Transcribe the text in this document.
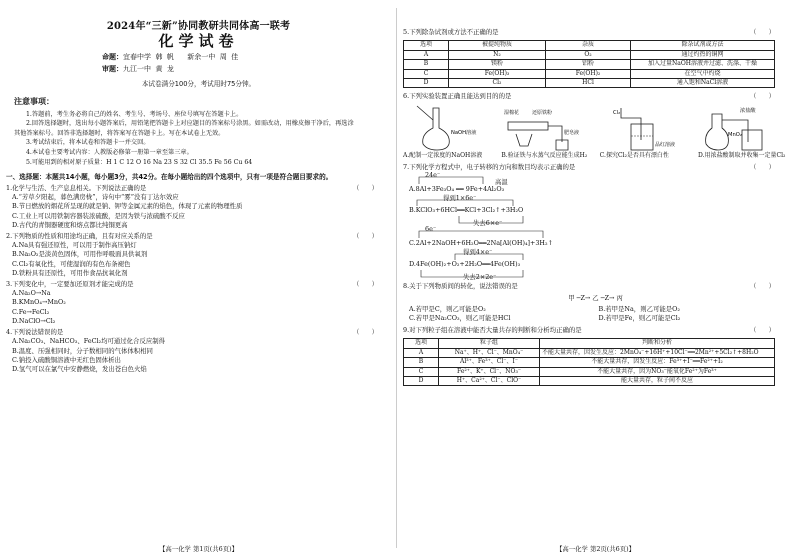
2024年“三新”协同教研共同体高一联考
化学试卷
命题：宜春中学  韩  帆      新余一中  周  佳
审题：九江一中  黄  龙
本试卷满分100分，考试用时75分钟。
注意事项：

1.答题前，考生务必将自己的姓名、考生号、考场号、座位号填写在答题卡上。

2.回答选择题时，选出每小题答案后，用铅笔把答题卡上对应题目的答案标号涂黑。如需改动，用橡皮擦干净后，再选涂其他答案标号。回答非选择题时，将答案写在答题卡上。写在本试卷上无效。

3.考试结束后，将本试卷和答题卡一并交回。

4.本试卷主要考试内容：人教版必修第一册第一章至第三章。

5.可能用到的相对原子质量：H 1 C 12 O 16 Na 23 S 32 Cl 35.5 Fe 56 Cu 64

一、选择题：本题共14小题，每小题3分，共42分。在每小题给出的四个选项中，只有一项是符合题目要求的。
1.化学与生活、生产息息相关。下列说法正确的是	（      ）
A.“芳草夕阳起，暮色满房栊”，诗句中“雾”没有丁达尔效应
B.节日燃放的烟花所呈现的就是钠、钾等金属元素的焰色，体现了元素的物理性质
C.工业上可以用铁制容器装浓硫酸，是因为铁与浓硫酸不反应
D.古代的青铜器硬度和熔点都比纯铜更高
2.下列物质的性质和用途均正确，且有对应关系的是	（      ）
A.Na具有强还原性，可以用于制作高压钠灯
B.Na₂O₂是淡黄色固体，可用作呼吸面具供氧剂
C.Cl₂有氧化性，可使湿润的有色布条褪色
D.铁粉具有还原性，可用作食品抗氧化剂
3.下列变化中，一定要加还原剂才能完成的是	（      ）
A.Na₂O→Na
B.KMnO₄→MnO₂
C.Fe→FeCl₂
D.NaClO→Cl₂
4.下列说法错误的是	（      ）
A.Na₂CO₃、NaHCO₃、FeCl₂均可通过化合反应制得
B.温度、压强相同时，分子数相同的气体体积相同
C.钠投入硫酸铜溶液中无红色固体析出
D.氢气可以在氯气中安静燃烧，发出苍白色火焰
【高一化学 第1页(共6页)】
5.下列除杂试剂或方法不正确的是	（      ）
选项	被提纯物质	杂质	除杂试剂或方法
A	N₂	O₂	通过灼热的铜网
B	镁粉	铝粉	加入过量NaOH溶液并过滤、洗涤、干燥
C	Fe(OH)₃	Fe(OH)₂	在空气中灼烧
D	Cl₂	HCl	通入饱和NaCl溶液
6.下列实验装置正确且能达到目的的是	（      ）
NaOH溶液
湿棉花	还原铁粉
肥皂液
Cl₂
品红溶液
浓盐酸
MnO₂
A.配制一定浓度的NaOH溶液	B.验证铁与水蒸气反应能生成H₂	C.探究Cl₂是否具有漂白性	D.用浓盐酸制取并收集一定量Cl₂
7.下列化学方程式中，电子转移的方向和数目均表示正确的是	（      ）
24e⁻
高温
A.8Al+3Fe₃O₄ ══ 9Fe+4Al₂O₃
得到1×6e⁻
B.KClO₃+6HCl══KCl+3Cl₂↑+3H₂O
失去6×e⁻
6e⁻
C.2Al+2NaOH+6H₂O══2Na[Al(OH)₄]+3H₂↑
得到4×e⁻
D.4Fe(OH)₂+O₂+2H₂O══4Fe(OH)₃
失去2×2e⁻
8.关于下列物质间的转化，说法错误的是	（      ）
甲 ─Z→ 乙 ─Z→ 丙
A.若甲是C，则乙可能是O₂	B.若甲是Na，则乙可能是O₂
C.若甲是Na₂CO₃，则乙可能是HCl	D.若甲是Fe，则乙可能是Cl₂
9.对下列粒子组在溶液中能否大量共存的判断和分析均正确的是	（      ）
选项	粒子组	判断和分析
A	Na⁺、H⁺、Cl⁻、MnO₄⁻	不能大量共存，因发生反应：2MnO₄⁻+16H⁺+10Cl⁻══2Mn²⁺+5Cl₂↑+8H₂O
B	Al³⁺、Fe³⁺、Cl⁻、I⁻	不能大量共存，因发生反应：Fe³⁺+I⁻══Fe²⁺+I₂
C	Fe²⁺、K⁺、Cl⁻、NO₃⁻	不能大量共存，因为NO₃⁻能氧化Fe²⁺为Fe³⁺
D	H⁺、Ca²⁺、Cl⁻、ClO⁻	能大量共存，粒子间不反应
【高一化学 第2页(共6页)】
